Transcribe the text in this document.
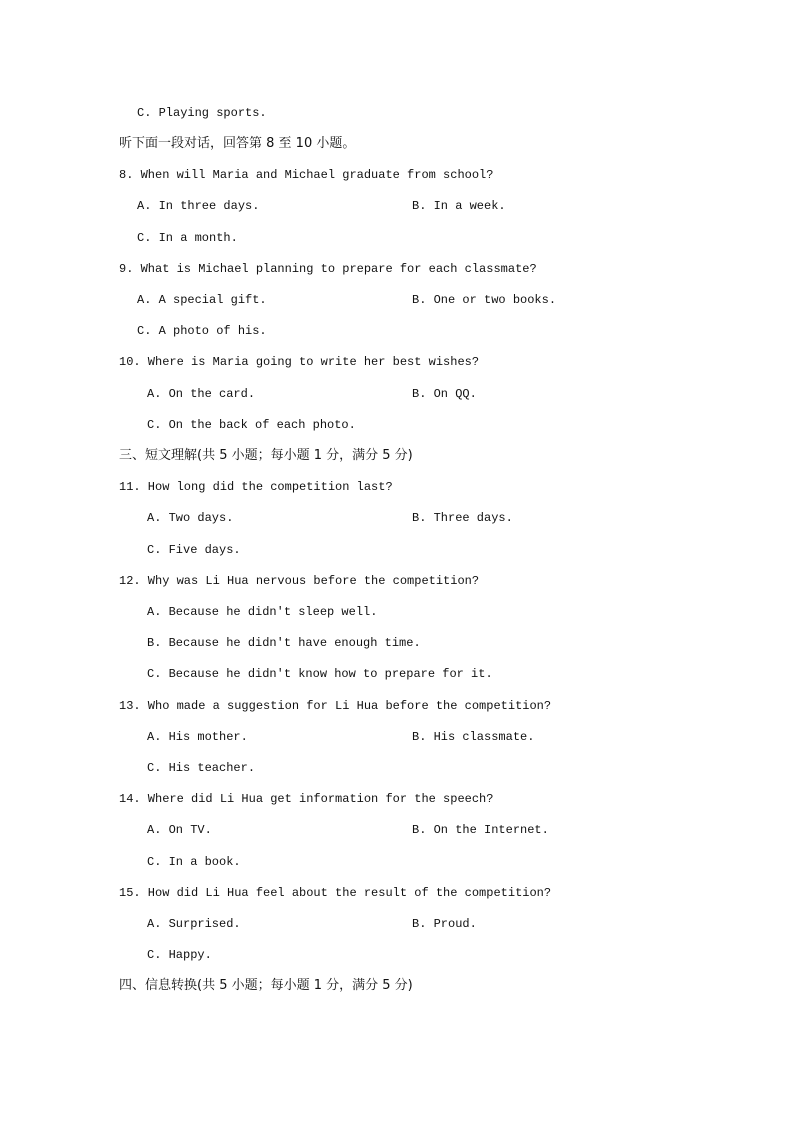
C. Playing sports.
听下面一段对话，回答第 8 至 10 小题。
8. When will Maria and Michael graduate from school?
A. In three days.	B. In a week.
C. In a month.
9. What is Michael planning to prepare for each classmate?
A. A special gift.	B. One or two books.
C. A photo of his.
10. Where is Maria going to write her best wishes?
A. On the card.	B. On QQ.
C. On the back of each photo.
三、短文理解(共 5 小题；每小题 1 分，满分 5 分)
11. How long did the competition last?
A. Two days.	B. Three days.
C. Five days.
12. Why was Li Hua nervous before the competition?
A. Because he didn't sleep well.
B. Because he didn't have enough time.
C. Because he didn't know how to prepare for it.
13. Who made a suggestion for Li Hua before the competition?
A. His mother.	B. His classmate.
C. His teacher.
14. Where did Li Hua get information for the speech?
A. On TV.	B. On the Internet.
C. In a book.
15. How did Li Hua feel about the result of the competition?
A. Surprised.	B. Proud.
C. Happy.
四、信息转换(共 5 小题；每小题 1 分，满分 5 分)
